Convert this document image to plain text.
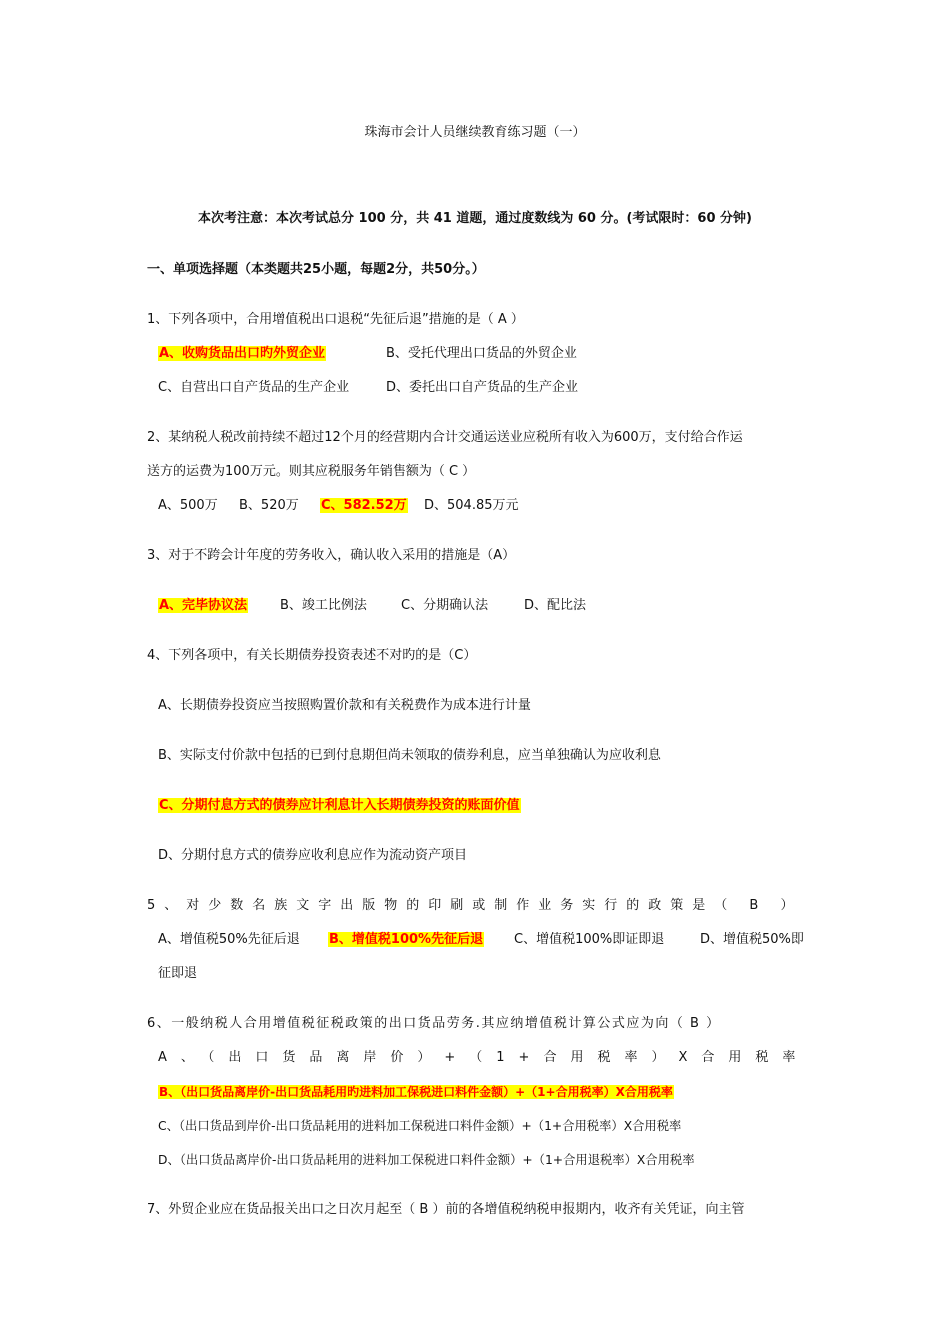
珠海市会计人员继续教育练习题（一）
本次考注意：本次考试总分 100 分，共 41 道题，通过度数线为 60 分。(考试限时：60 分钟)
一、单项选择题（本类题共25小题，每题2分，共50分。）
1、下列各项中，合用增值税出口退税“先征后退”措施的是（ A ）
A、收购货品出口旳外贸企业	B、受托代理出口货品的外贸企业
C、自营出口自产货品的生产企业	D、委托出口自产货品的生产企业
2、某纳税人税改前持续不超过12个月的经营期内合计交通运送业应税所有收入为600万，支付给合作运
送方的运费为100万元。则其应税服务年销售额为（ C ）
A、500万 B、520万 C、582.52万 D、504.85万元
3、对于不跨会计年度的劳务收入，确认收入采用的措施是（A）
A、完毕协议法	B、竣工比例法	C、分期确认法	D、配比法
4、下列各项中，有关长期债券投资表述不对旳的是（C）
A、长期债券投资应当按照购置价款和有关税费作为成本进行计量
B、实际支付价款中包括的已到付息期但尚未领取的债券利息，应当单独确认为应收利息
C、分期付息方式的债券应计利息计入长期债券投资的账面价值
D、分期付息方式的债券应收利息应作为流动资产项目
5、对少数名族文字出版物的印刷或制作业务实行的政策是（ B ）
A、增值税50%先征后退 B、增值税100%先征后退 C、增值税100%即证即退	D、增值税50%即
征即退
6、一般纳税人合用增值税征税政策的出口货品劳务.其应纳增值税计算公式应为向（ B ）
A、（出口货品离岸价）+（1+合用税率）X合用税率
B、（出口货品离岸价-出口货品耗用旳进料加工保税进口料件金额）+（1+合用税率）X合用税率
C、（出口货品到岸价-出口货品耗用的进料加工保税进口料件金额）+（1+合用税率）X合用税率
D、（出口货品离岸价-出口货品耗用的进料加工保税进口料件金额）+（1+合用退税率）X合用税率
7、外贸企业应在货品报关出口之日次月起至（ B ）前的各增值税纳税申报期内，收齐有关凭证，向主管
